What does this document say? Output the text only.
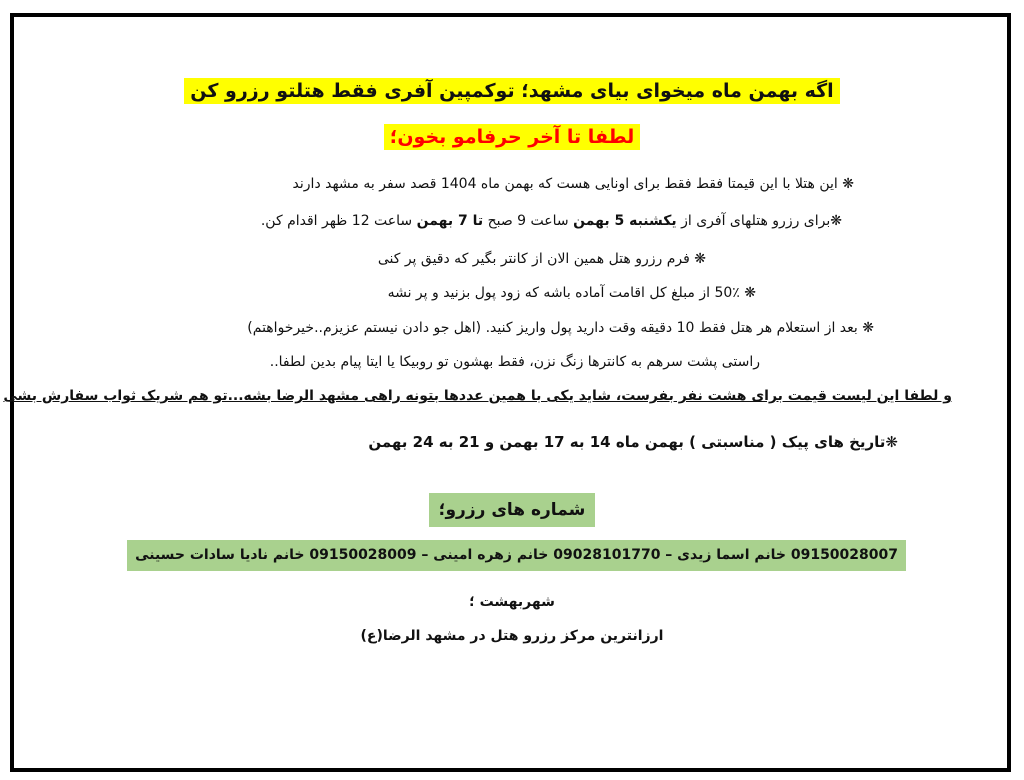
اگه بهمن ماه میخوای بیای مشهد؛ توکمپین آفری فقط هتلتو رزرو کن
لطفا تا آخر حرفامو بخون؛
❋ این هتلا با این قیمتا فقط فقط برای اونایی هست که بهمن ماه 1404 قصد سفر به مشهد دارند
❋برای رزرو هتلهای آفری از یکشنبه 5 بهمن ساعت 9 صبح تا 7 بهمن ساعت 12 ظهر اقدام کن.
❋ فرم رزرو هتل همین الان از کانتر بگیر که دقیق پر کنی
❋ 50٪ از مبلغ کل اقامت آماده باشه که زود پول بزنید و پر نشه
❋ بعد از استعلام هر هتل فقط 10 دقیقه وقت دارید پول واریز کنید. (اهل جو دادن نیستم عزیزم..خیرخواهتم)
راستی پشت سرهم به کانترها زنگ نزن، فقط بهشون تو روبیکا یا ایتا پیام بدین لطفا..
و لطفا این لیست قیمت برای هشت نفر بفرست، شاید یکی با همین عددها بتونه راهی مشهد الرضا بشه...تو هم شریک ثواب سفارش بشی
❋تاریخ های پیک ( مناسبتی ) بهمن ماه 14 به 17 بهمن و 21 به 24 بهمن
شماره های رزرو؛
09150028007 خانم اسما زیدی – 09028101770 خانم زهره امینی – 09150028009 خانم نادیا سادات حسینی
شهربهشت ؛
ارزانترین مرکز رزرو هتل در مشهد الرضا(ع)
